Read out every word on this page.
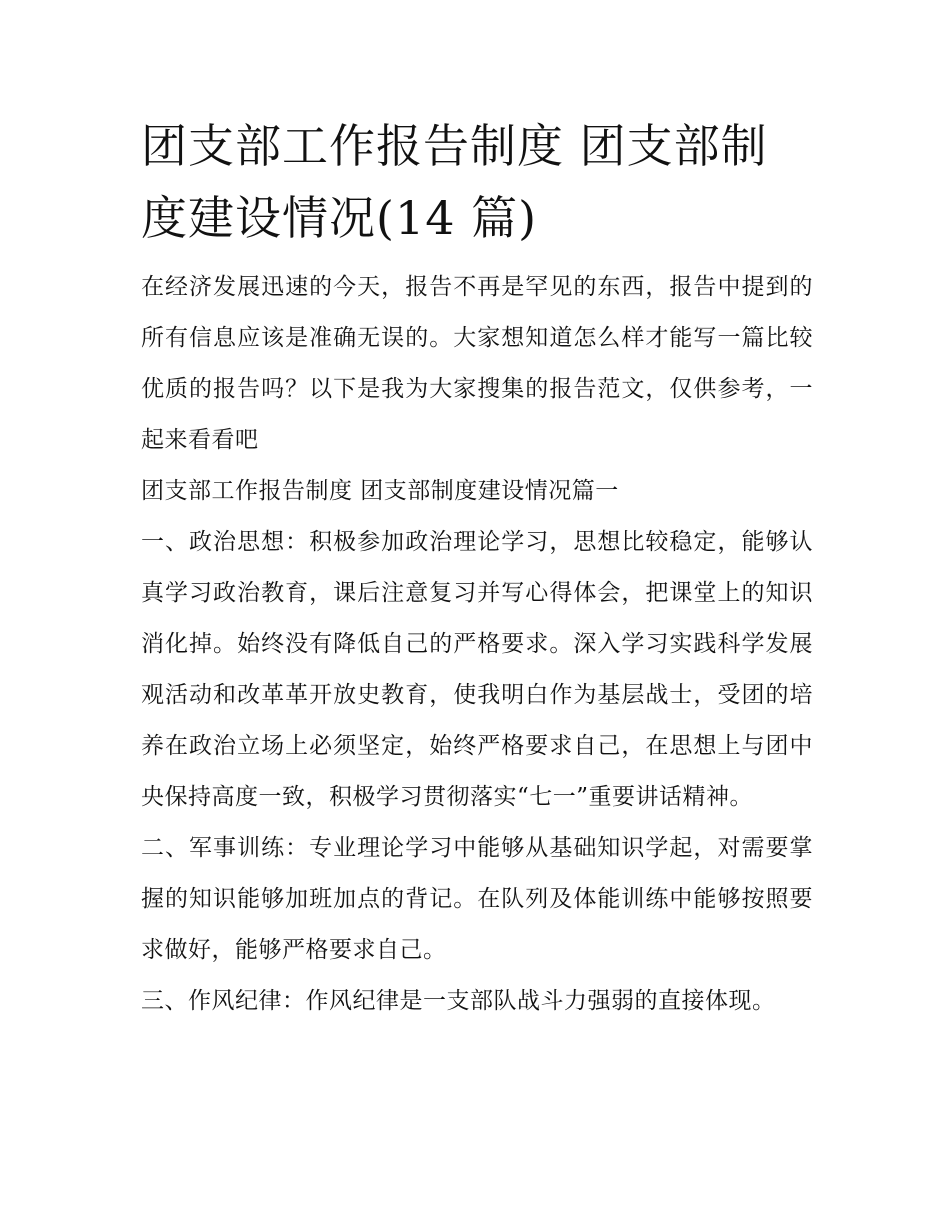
团支部工作报告制度 团支部制度建设情况(14 篇)

在经济发展迅速的今天，报告不再是罕见的东西，报告中提到的所有信息应该是准确无误的。大家想知道怎么样才能写一篇比较优质的报告吗？以下是我为大家搜集的报告范文，仅供参考，一起来看看吧

团支部工作报告制度 团支部制度建设情况篇一

一、政治思想：积极参加政治理论学习，思想比较稳定，能够认真学习政治教育，课后注意复习并写心得体会，把课堂上的知识消化掉。始终没有降低自己的严格要求。深入学习实践科学发展观活动和改革革开放史教育，使我明白作为基层战士，受团的培养在政治立场上必须坚定，始终严格要求自己，在思想上与团中央保持高度一致，积极学习贯彻落实“七一”重要讲话精神。

二、军事训练：专业理论学习中能够从基础知识学起，对需要掌握的知识能够加班加点的背记。在队列及体能训练中能够按照要求做好，能够严格要求自己。

三、作风纪律：作风纪律是一支部队战斗力强弱的直接体现。
